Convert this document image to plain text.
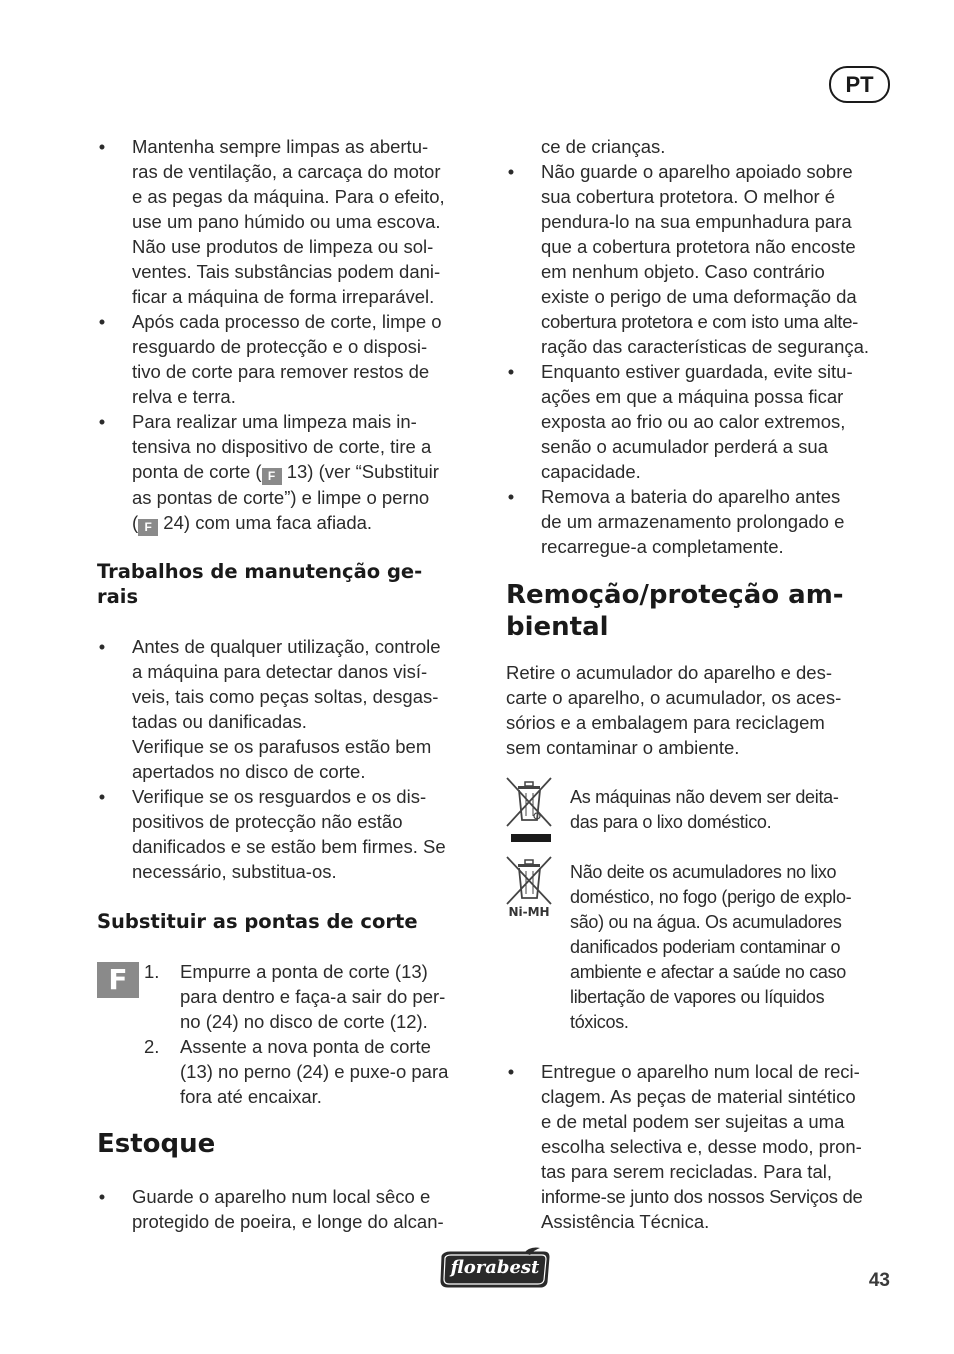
PT
• Mantenha sempre limpas as abertu-
ras de ventilação, a carcaça do motor
e as pegas da máquina. Para o efeito,
use um pano húmido ou uma escova.
Não use produtos de limpeza ou sol-
ventes. Tais substâncias podem dani-
ficar a máquina de forma irreparável.
• Após cada processo de corte, limpe o
resguardo de protecção e o disposi-
tivo de corte para remover restos de
relva e terra.
• Para realizar uma limpeza mais in-
tensiva no dispositivo de corte, tire a
ponta de corte ( F 13) (ver “Substituir
as pontas de corte”) e limpe o perno
( F 24) com uma faca afiada.
Trabalhos de manutenção ge-
rais
• Antes de qualquer utilização, controle
a máquina para detectar danos visí-
veis, tais como peças soltas, desgas-
tadas ou danificadas.
Verifique se os parafusos estão bem
apertados no disco de corte.
• Verifique se os resguardos e os dis-
positivos de protecção não estão
danificados e se estão bem firmes. Se
necessário, substitua-os.
Substituir as pontas de corte
F 1. Empurre a ponta de corte (13)
para dentro e faça-a sair do per-
no (24) no disco de corte (12).
2. Assente a nova ponta de corte
(13) no perno (24) e puxe-o para
fora até encaixar.
Estoque
• Guarde o aparelho num local sêco e
protegido de poeira, e longe do alcan-
ce de crianças.
• Não guarde o aparelho apoiado sobre
sua cobertura protetora. O melhor é
pendura-lo na sua empunhadura para
que a cobertura protetora não encoste
em nenhum objeto. Caso contrário
existe o perigo de uma deformação da
cobertura protetora e com isto uma alte-
ração das características de segurança.
• Enquanto estiver guardada, evite situ-
ações em que a máquina possa ficar
exposta ao frio ou ao calor extremos,
senão o acumulador perderá a sua
capacidade.
• Remova a bateria do aparelho antes
de um armazenamento prolongado e
recarregue-a completamente.
Remoção/proteção am-
biental
Retire o acumulador do aparelho e des-
carte o aparelho, o acumulador, os aces-
sórios e a embalagem para reciclagem
sem contaminar o ambiente.
As máquinas não devem ser deita-
das para o lixo doméstico.
Ni-MH
Não deite os acumuladores no lixo
doméstico, no fogo (perigo de explo-
são) ou na água. Os acumuladores
danificados poderiam contaminar o
ambiente e afectar a saúde no caso
libertação de vapores ou líquidos
tóxicos.
• Entregue o aparelho num local de reci-
clagem. As peças de material sintético
e de metal podem ser sujeitas a uma
escolha selectiva e, desse modo, pron-
tas para serem recicladas. Para tal,
informe-se junto dos nossos Serviços de
Assistência Técnica.
florabest
43
